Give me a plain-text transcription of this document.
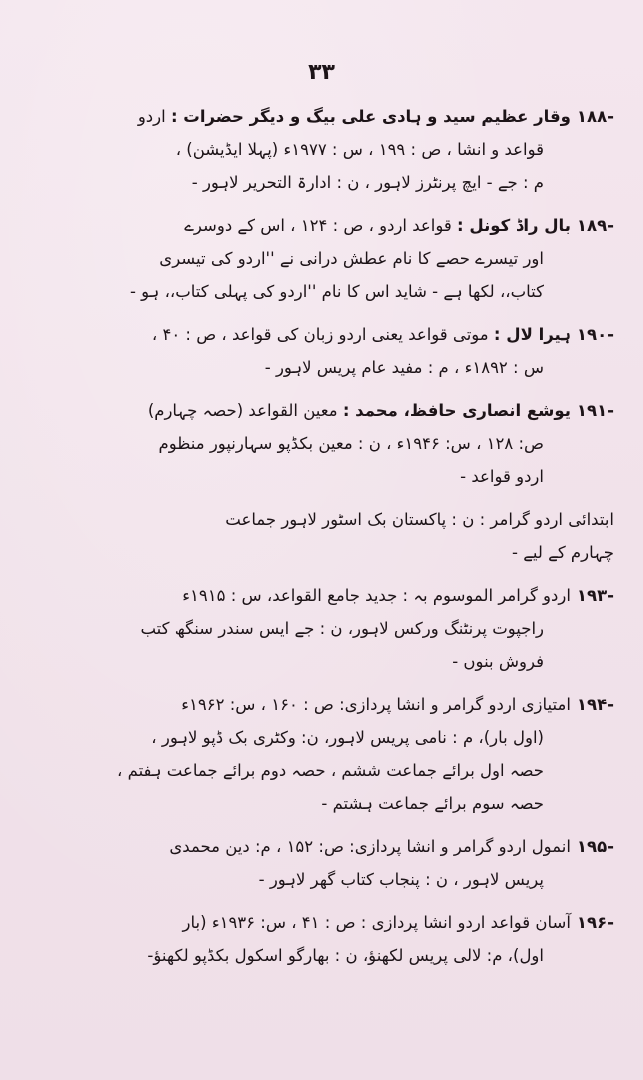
۳۳
-۱۸۸وقار عظیم سید و ہادی علی بیگ و دیگر حضرات : اردو
قواعد و انشا ، ص : ۱۹۹ ، س : ۱۹۷۷ء (پہلا ایڈیشن) ،
م : جے - ایچ پرنٹرز لاہور ، ن : ادارۃ التحریر لاہور -
-۱۸۹بال راڈ کونل : قواعد اردو ، ص : ۱۲۴ ، اس کے دوسرے
اور تیسرے حصے کا نام عطش درانی نے ''اردو کی تیسری
کتاب،، لکھا ہے - شاید اس کا نام ''اردو کی پہلی کتاب،، ہو -
-۱۹۰ہیرا لال : موتی قواعد یعنی اردو زبان کی قواعد ، ص : ۴۰ ،
س : ۱۸۹۲ء ، م : مفید عام پریس لاہور -
-۱۹۱یوشع انصاری حافظ، محمد : معین القواعد (حصہ چہارم)
ص: ۱۲۸ ، س: ۱۹۴۶ء ، ن : معین بکڈپو سہارنپور منظوم
اردو قواعد -
ابتدائی اردو گرامر : ن : پاکستان بک اسٹور لاہور جماعت
چہارم کے لیے -
-۱۹۳اردو گرامر الموسوم بہ : جدید جامع القواعد، س : ۱۹۱۵ء
راجپوت پرنٹنگ ورکس لاہور، ن : جے ایس سندر سنگھ کتب
فروش بنوں -
-۱۹۴امتیازی اردو گرامر و انشا پردازی: ص : ۱۶۰ ، س: ۱۹۶۲ء
(اول بار)، م : نامی پریس لاہور، ن: وکٹری بک ڈپو لاہور ،
حصہ اول برائے جماعت ششم ، حصہ دوم برائے جماعت ہفتم ،
حصہ سوم برائے جماعت ہشتم -
-۱۹۵انمول اردو گرامر و انشا پردازی: ص: ۱۵۲ ، م: دین محمدی
پریس لاہور ، ن : پنجاب کتاب گھر لاہور -
-۱۹۶آسان قواعد اردو انشا پردازی : ص : ۴۱ ، س: ۱۹۳۶ء (بار
اول)، م: لالی پریس لکھنؤ، ن : بھارگو اسکول بکڈپو لکھنؤ-
